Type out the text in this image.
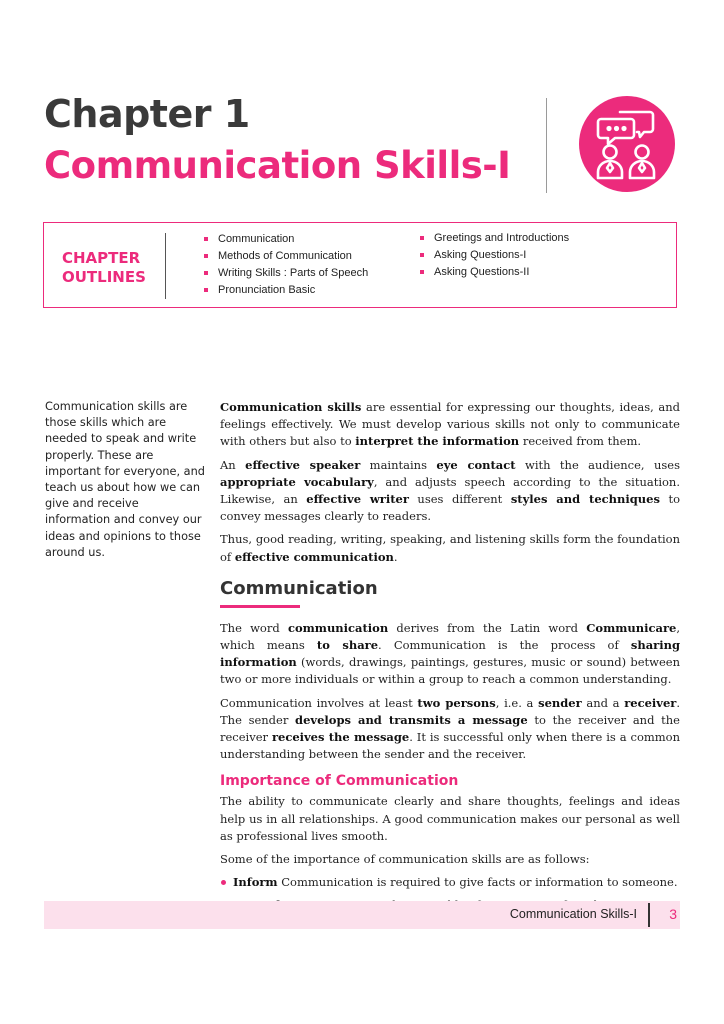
Chapter 1
Communication Skills-I
CHAPTER
OUTLINES
Communication
Methods of Communication
Writing Skills : Parts of Speech
Pronunciation Basic
Greetings and Introductions
Asking Questions-I
Asking Questions-II

Communication skills are those skills which are needed to speak and write properly. These are important for everyone, and teach us about how we can give and receive information and convey our ideas and opinions to those around us.

Communication skills are essential for expressing our thoughts, ideas, and feelings effectively. We must develop various skills not only to communicate with others but also to interpret the information received from them.

An effective speaker maintains eye contact with the audience, uses appropriate vocabulary, and adjusts speech according to the situation. Likewise, an effective writer uses different styles and techniques to convey messages clearly to readers.

Thus, good reading, writing, speaking, and listening skills form the foundation of effective communication.

Communication

The word communication derives from the Latin word Communicare, which means to share. Communication is the process of sharing information (words, drawings, paintings, gestures, music or sound) between two or more individuals or within a group to reach a common understanding.

Communication involves at least two persons, i.e. a sender and a receiver. The sender develops and transmits a message to the receiver and the receiver receives the message. It is successful only when there is a common understanding between the sender and the receiver.

Importance of Communication

The ability to communicate clearly and share thoughts, feelings and ideas help us in all relationships. A good communication makes our personal as well as professional lives smooth.

Some of the importance of communication skills are as follows:

Inform Communication is required to give facts or information to someone.

Communication Skills-I 3
